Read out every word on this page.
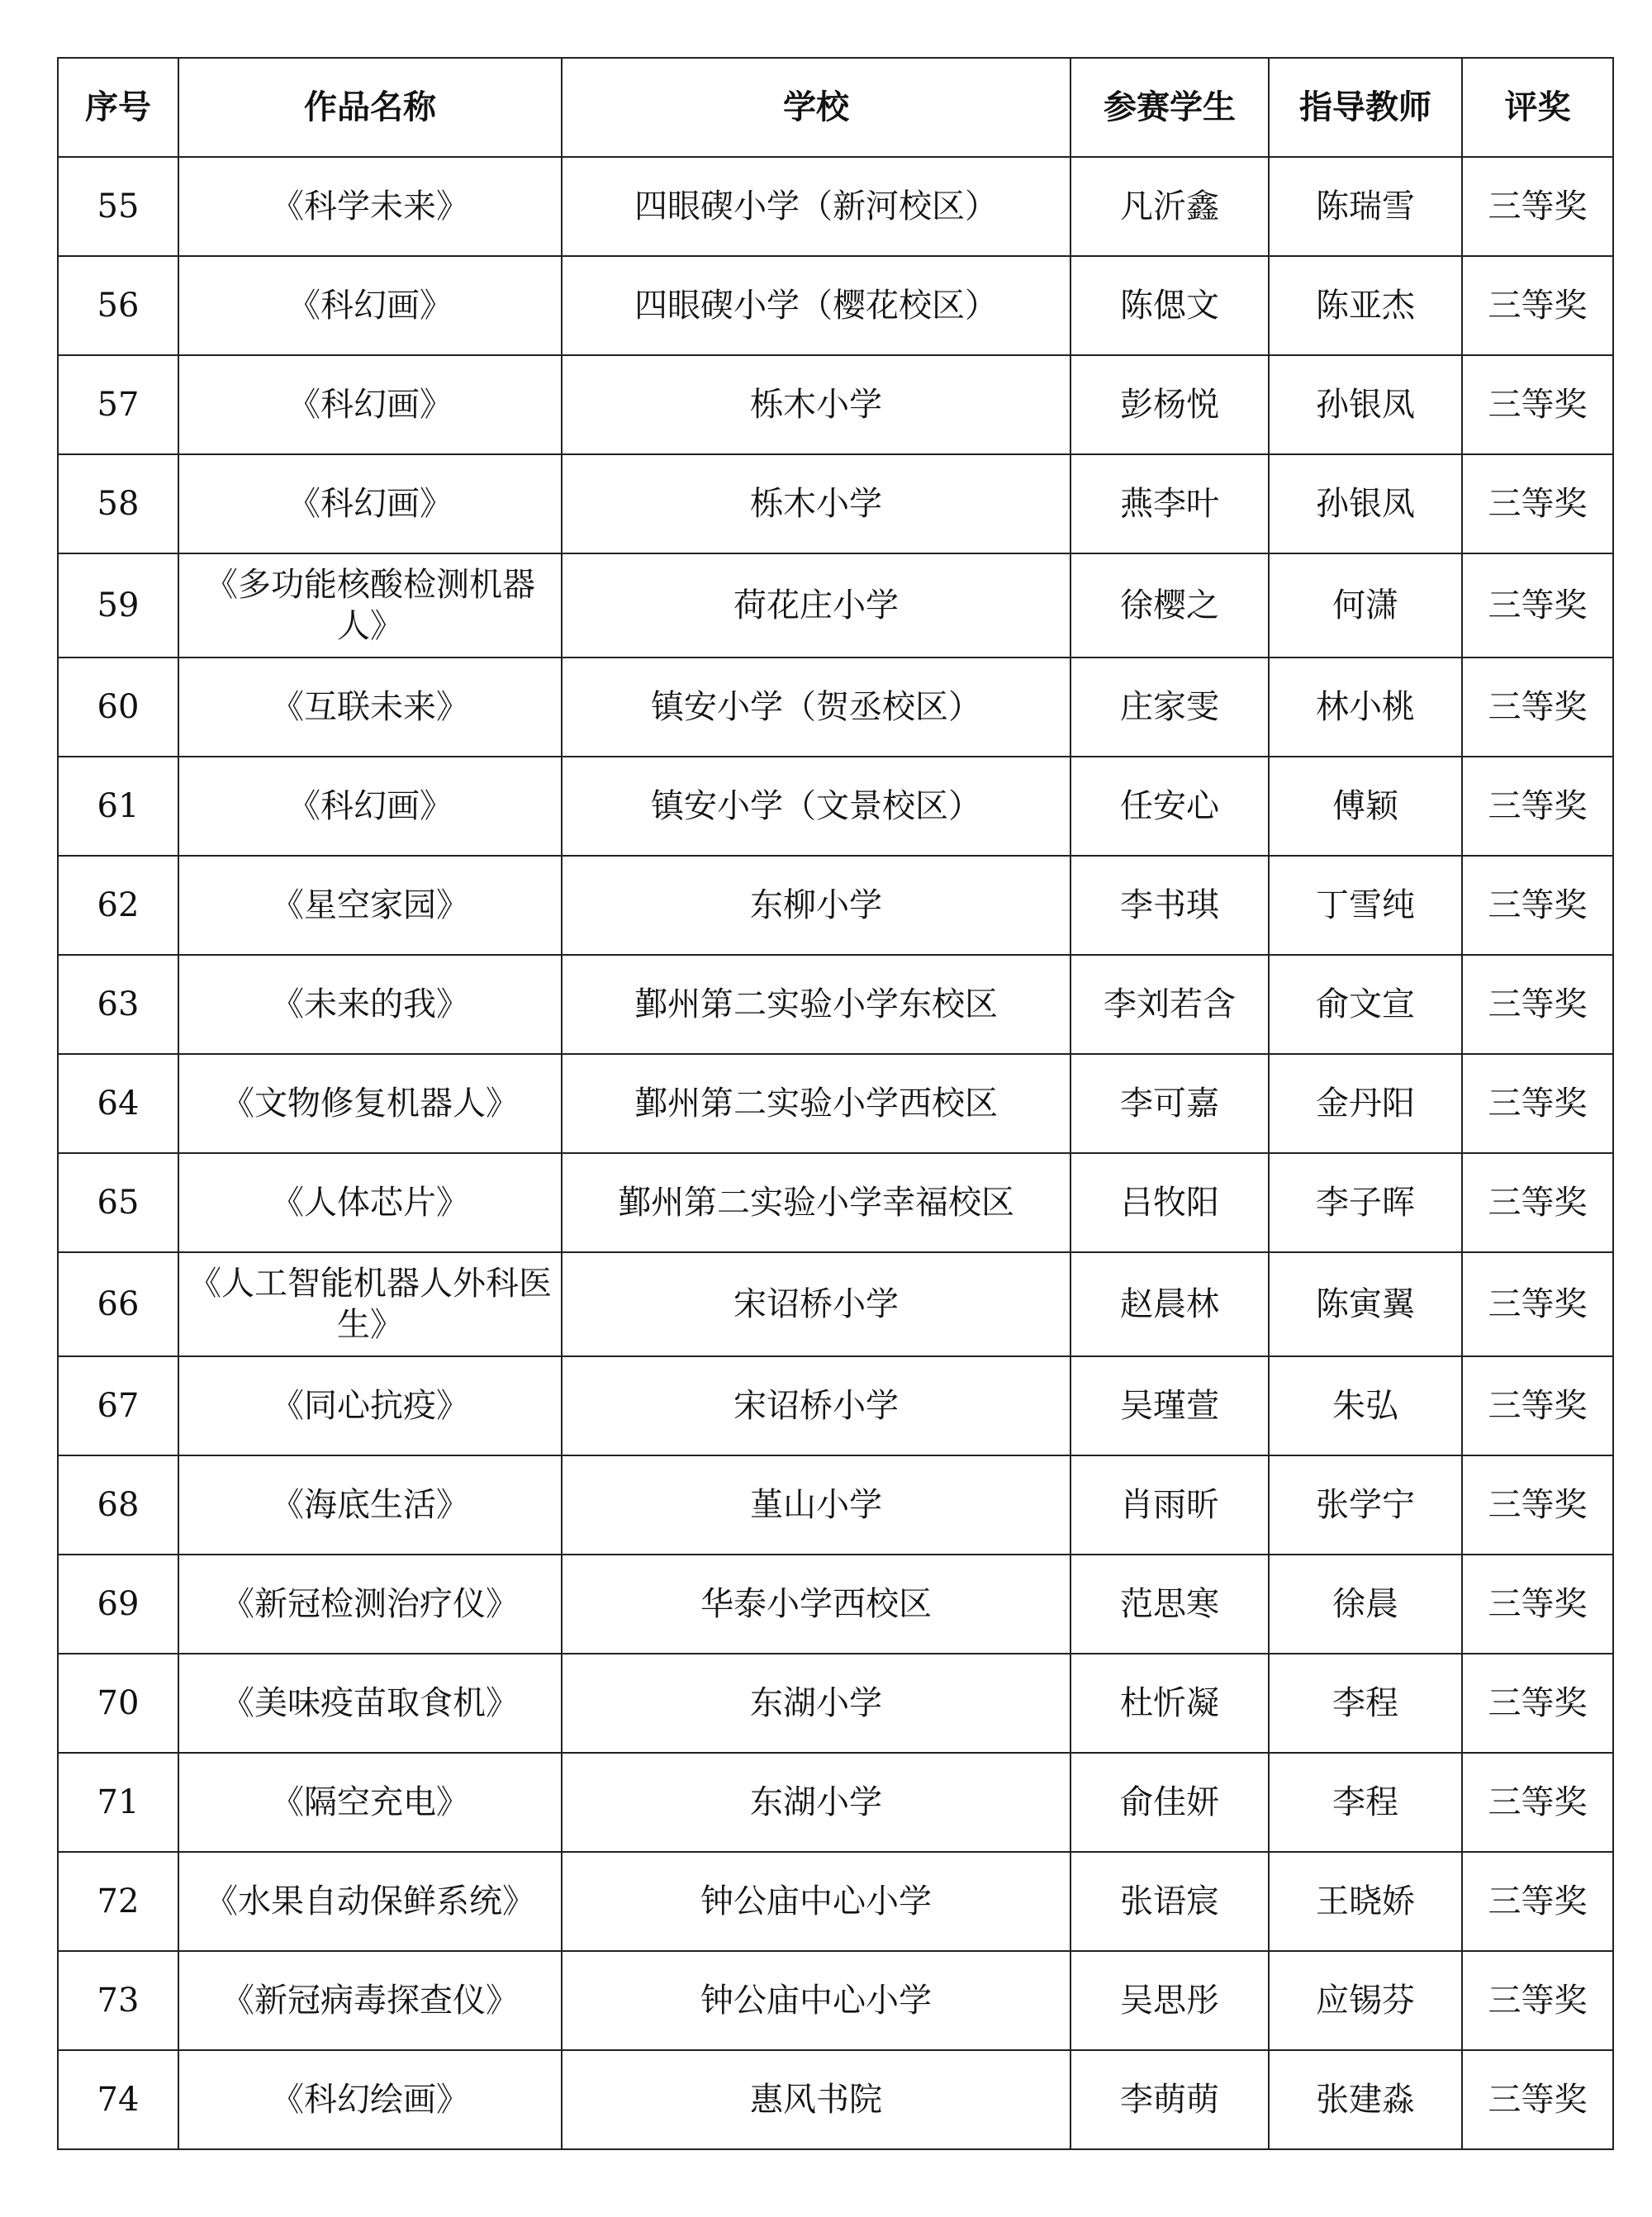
序号	作品名称	学校	参赛学生	指导教师	评奖
55	《科学未来》	四眼碶小学（新河校区）	凡沂鑫	陈瑞雪	三等奖
56	《科幻画》	四眼碶小学（樱花校区）	陈偲文	陈亚杰	三等奖
57	《科幻画》	栎木小学	彭杨悦	孙银凤	三等奖
58	《科幻画》	栎木小学	燕李叶	孙银凤	三等奖
59	《多功能核酸检测机器人》	荷花庄小学	徐樱之	何潇	三等奖
60	《互联未来》	镇安小学（贺丞校区）	庄家雯	林小桃	三等奖
61	《科幻画》	镇安小学（文景校区）	任安心	傅颖	三等奖
62	《星空家园》	东柳小学	李书琪	丁雪纯	三等奖
63	《未来的我》	鄞州第二实验小学东校区	李刘若含	俞文宣	三等奖
64	《文物修复机器人》	鄞州第二实验小学西校区	李可嘉	金丹阳	三等奖
65	《人体芯片》	鄞州第二实验小学幸福校区	吕牧阳	李子晖	三等奖
66	《人工智能机器人外科医生》	宋诏桥小学	赵晨林	陈寅翼	三等奖
67	《同心抗疫》	宋诏桥小学	吴瑾萱	朱弘	三等奖
68	《海底生活》	堇山小学	肖雨昕	张学宁	三等奖
69	《新冠检测治疗仪》	华泰小学西校区	范思寒	徐晨	三等奖
70	《美味疫苗取食机》	东湖小学	杜忻凝	李程	三等奖
71	《隔空充电》	东湖小学	俞佳妍	李程	三等奖
72	《水果自动保鲜系统》	钟公庙中心小学	张语宸	王晓娇	三等奖
73	《新冠病毒探查仪》	钟公庙中心小学	吴思彤	应锡芬	三等奖
74	《科幻绘画》	惠风书院	李萌萌	张建淼	三等奖
